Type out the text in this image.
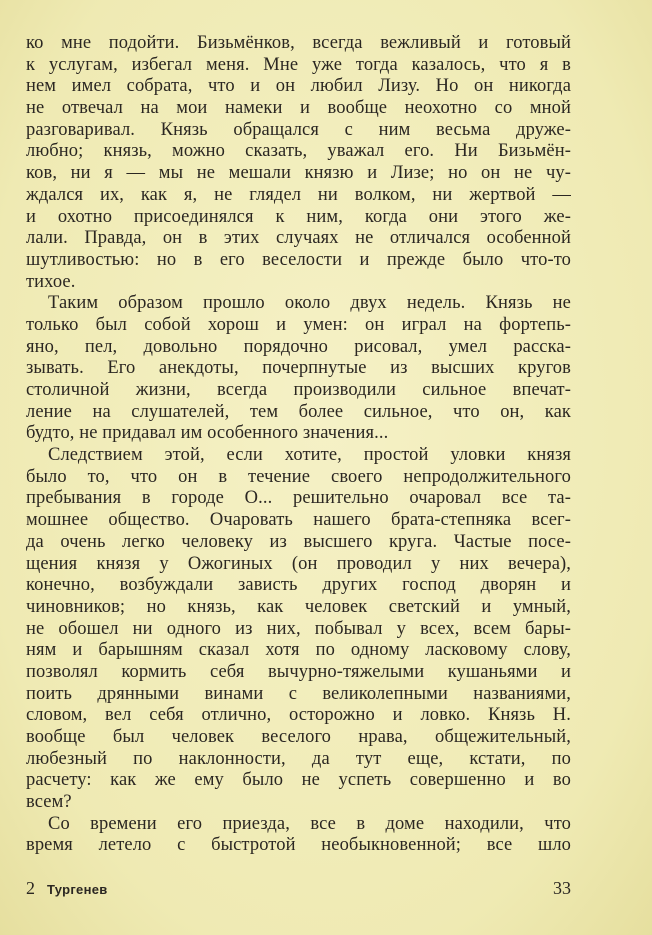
ко мне подойти. Бизьмёнков, всегда вежливый и готовый
к услугам, избегал меня. Мне уже тогда казалось, что я в
нем имел собрата, что и он любил Лизу. Но он никогда
не отвечал на мои намеки и вообще неохотно со мной
разговаривал. Князь обращался с ним весьма друже-
любно; князь, можно сказать, уважал его. Ни Бизьмён-
ков, ни я — мы не мешали князю и Лизе; но он не чу-
ждался их, как я, не глядел ни волком, ни жертвой —
и охотно присоединялся к ним, когда они этого же-
лали. Правда, он в этих случаях не отличался особенной
шутливостью: но в его веселости и прежде было что-то
тихое.
Таким образом прошло около двух недель. Князь не
только был собой хорош и умен: он играл на фортепь-
яно, пел, довольно порядочно рисовал, умел расска-
зывать. Его анекдоты, почерпнутые из высших кругов
столичной жизни, всегда производили сильное впечат-
ление на слушателей, тем более сильное, что он, как
будто, не придавал им особенного значения...
Следствием этой, если хотите, простой уловки князя
было то, что он в течение своего непродолжительного
пребывания в городе О... решительно очаровал все та-
мошнее общество. Очаровать нашего брата-степняка всег-
да очень легко человеку из высшего круга. Частые посе-
щения князя у Ожогиных (он проводил у них вечера),
конечно, возбуждали зависть других господ дворян и
чиновников; но князь, как человек светский и умный,
не обошел ни одного из них, побывал у всех, всем бары-
ням и барышням сказал хотя по одному ласковому слову,
позволял кормить себя вычурно-тяжелыми кушаньями и
поить дрянными винами с великолепными названиями,
словом, вел себя отлично, осторожно и ловко. Князь Н.
вообще был человек веселого нрава, общежительный,
любезный по наклонности, да тут еще, кстати, по
расчету: как же ему было не успеть совершенно и во
всем?
Со времени его приезда, все в доме находили, что
время летело с быстротой необыкновенной; все шло
2 Тургенев	33
